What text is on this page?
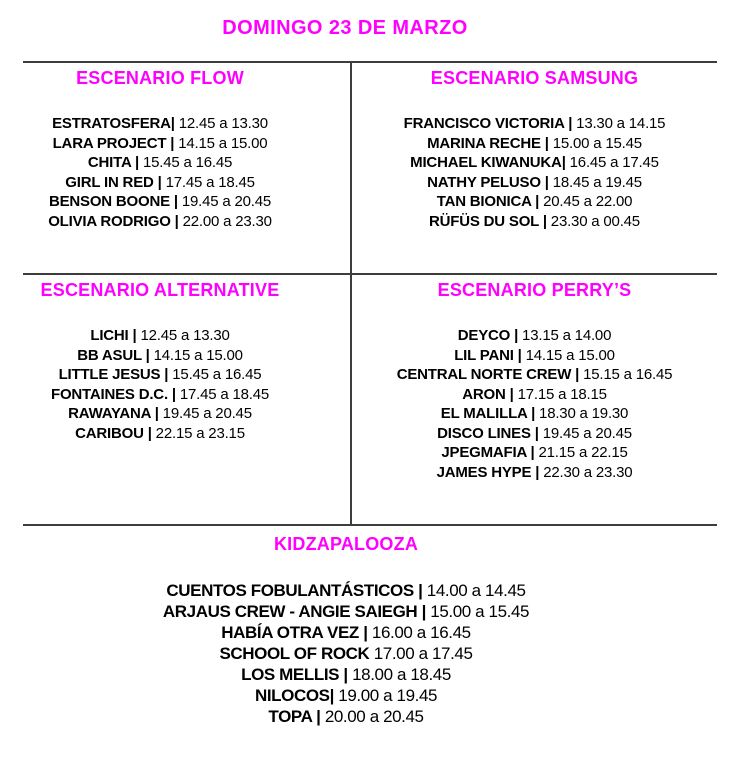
DOMINGO 23 DE MARZO
ESCENARIO FLOW
ESTRATOSFERA| 12.45 a 13.30
LARA PROJECT | 14.15 a 15.00
CHITA | 15.45 a 16.45
GIRL IN RED | 17.45 a 18.45
BENSON BOONE | 19.45 a 20.45
OLIVIA RODRIGO | 22.00 a 23.30
ESCENARIO SAMSUNG
FRANCISCO VICTORIA | 13.30 a 14.15
MARINA RECHE | 15.00 a 15.45
MICHAEL KIWANUKA| 16.45 a 17.45
NATHY PELUSO | 18.45 a 19.45
TAN BIONICA | 20.45 a 22.00
RÜFÜS DU SOL | 23.30 a 00.45
ESCENARIO ALTERNATIVE
LICHI | 12.45 a 13.30
BB ASUL | 14.15 a 15.00
LITTLE JESUS | 15.45 a 16.45
FONTAINES D.C. | 17.45 a 18.45
RAWAYANA | 19.45 a 20.45
CARIBOU | 22.15 a 23.15
ESCENARIO PERRY’S
DEYCO | 13.15 a 14.00
LIL PANI | 14.15 a 15.00
CENTRAL NORTE CREW | 15.15 a 16.45
ARON | 17.15 a 18.15
EL MALILLA | 18.30 a 19.30
DISCO LINES | 19.45 a 20.45
JPEGMAFIA | 21.15 a 22.15
JAMES HYPE | 22.30 a 23.30
KIDZAPALOOZA
CUENTOS FOBULANTÁSTICOS | 14.00 a 14.45
ARJAUS CREW - ANGIE SAIEGH | 15.00 a 15.45
HABÍA OTRA VEZ | 16.00 a 16.45
SCHOOL OF ROCK 17.00 a 17.45
LOS MELLIS | 18.00 a 18.45
NILOCOS| 19.00 a 19.45
TOPA | 20.00 a 20.45
